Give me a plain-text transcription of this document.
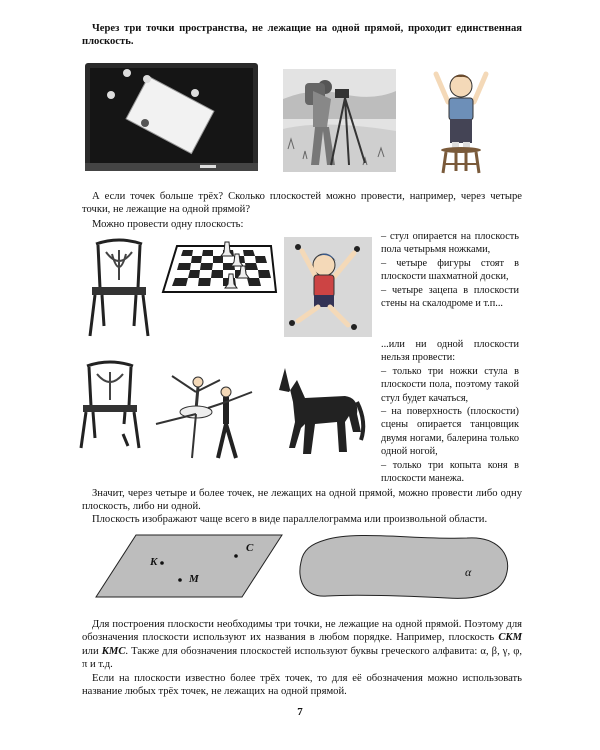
Через три точки пространства, не лежащие на одной прямой, проходит единственная плоскость.
А если точек больше трёх? Сколько плоскостей можно провести, например, через четыре точки, не лежащие на одной прямой?
Можно провести одну плоскость:
– стул опирается на плоскость пола четырьмя ножками,
– четыре фигуры стоят в плоскости шахматной доски,
– четыре зацепа в плоскости стены на скалодроме и т.п...
...или ни одной плоскости нельзя провести:
– только три ножки стула в плоскости пола, поэтому такой стул будет качаться,
– на поверхность (плоскости) сцены опирается танцовщик двумя ногами, балерина только одной ногой,
– только три копыта коня в плоскости манежа.
Значит, через четыре и более точек, не лежащих на одной прямой, можно провести либо одну плоскость, либо ни одной.
Плоскость изображают чаще всего в виде параллелограмма или произвольной области.
K
C
M	α
Для построения плоскости необходимы три точки, не лежащие на одной прямой. Поэтому для обозначения плоскости используют их названия в любом порядке. Например, плоскость СКМ или КМС. Также для обозначения плоскостей используют буквы греческого алфавита: α, β, γ, φ, π и т.д.
Если на плоскости известно более трёх точек, то для её обозначения можно использовать название любых трёх точек, не лежащих на одной прямой.
7
